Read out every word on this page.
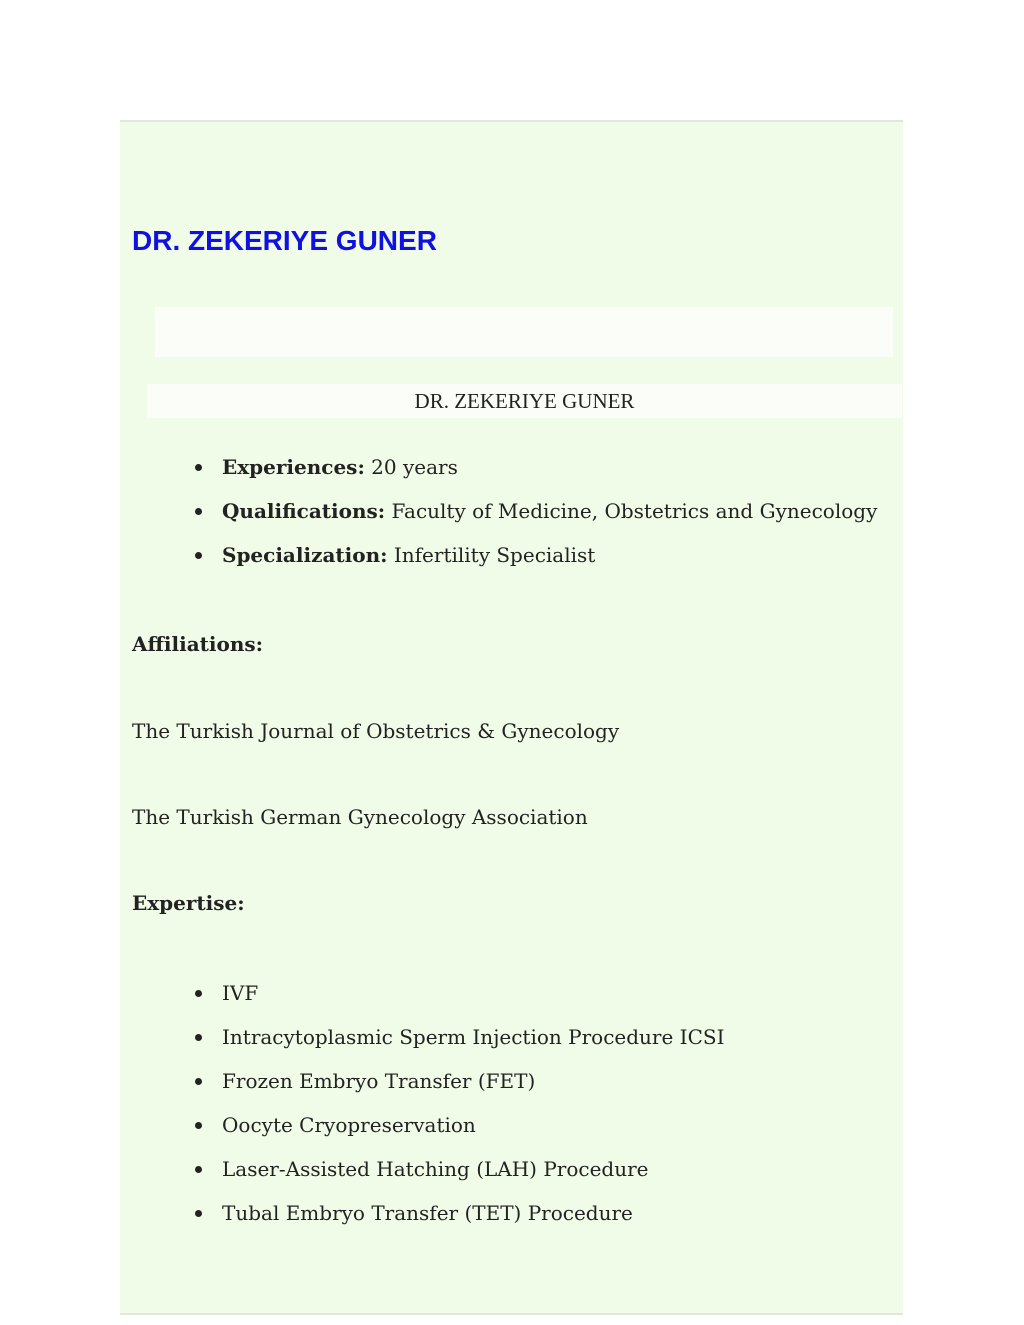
DR. ZEKERIYE GUNER
DR. ZEKERIYE GUNER
Experiences: 20 years
Qualifications: Faculty of Medicine, Obstetrics and Gynecology
Specialization: Infertility Specialist

Affiliations:

The Turkish Journal of Obstetrics & Gynecology

The Turkish German Gynecology Association

Expertise:

IVF
Intracytoplasmic Sperm Injection Procedure ICSI
Frozen Embryo Transfer (FET)
Oocyte Cryopreservation
Laser-Assisted Hatching (LAH) Procedure
Tubal Embryo Transfer (TET) Procedure
